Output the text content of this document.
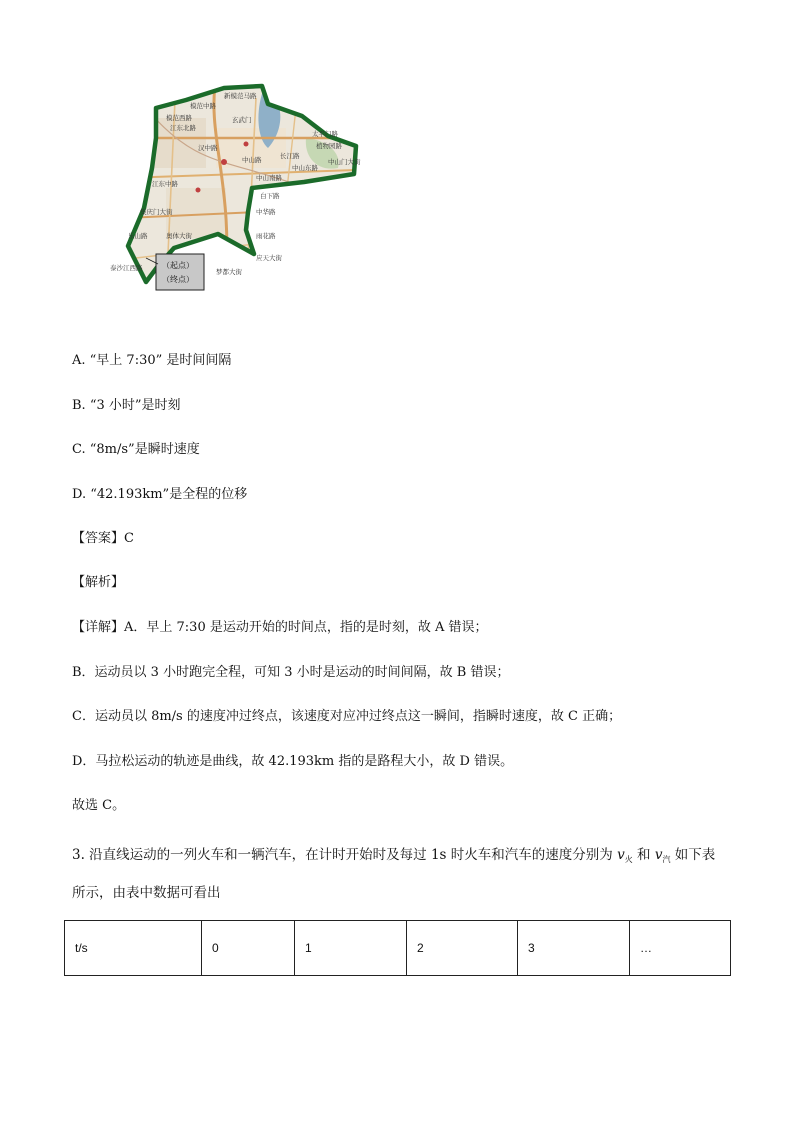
新模范马路
模范中路
模范西路	玄武门
太平门路
江东北路
中山路
植物园路
中山东路
江东中路
中山南路
长江路
中山门大街
白下路
中华路
汉中路
集庆门大街
雨花路
应天大街
乐山路
梦都大街
奥体大街
泰沙江西路 （起点）
（终点）
A. “早上 7:30” 是时间间隔
B. “3 小时”是时刻
C. “8m/s”是瞬时速度
D. “42.193km”是全程的位移
【答案】C
【解析】
【详解】A．早上 7:30 是运动开始的时间点，指的是时刻，故 A 错误；
B．运动员以 3 小时跑完全程，可知 3 小时是运动的时间间隔，故 B 错误；
C．运动员以 8m/s 的速度冲过终点，该速度对应冲过终点这一瞬间，指瞬时速度，故 C 正确；
D．马拉松运动的轨迹是曲线，故 42.193km 指的是路程大小，故 D 错误。
故选 C。
3. 沿直线运动的一列火车和一辆汽车，在计时开始时及每过 1s 时火车和汽车的速度分别为 $v_火$ 和 $v_汽$ 如下表
所示，由表中数据可看出
t/s	0	1	2	3	…
